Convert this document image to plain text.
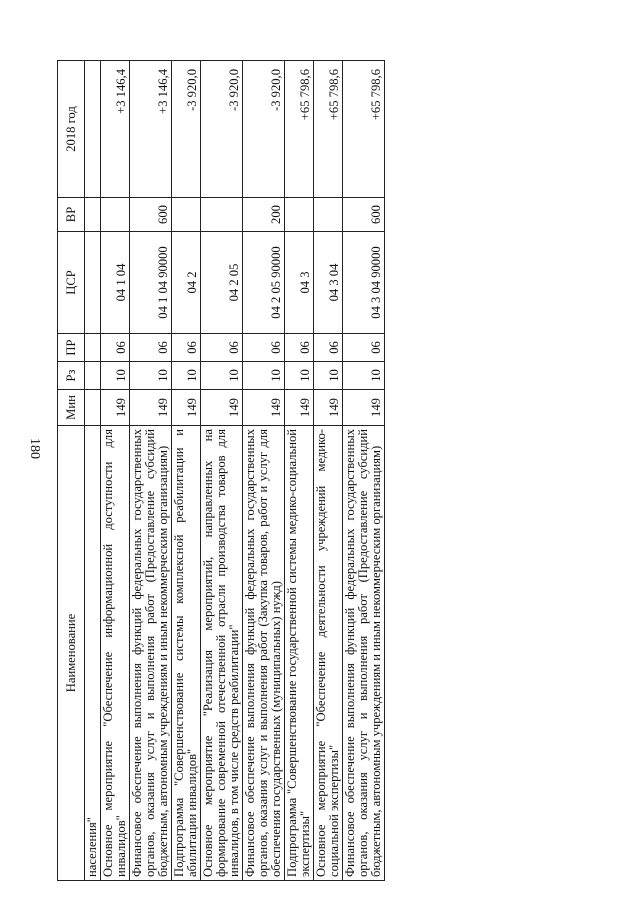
180
Наименование	Мин	Рз	ПР	ЦСР	ВР	2018 год
населения"						
Основное мероприятие "Обеспечение информационной доступности для инвалидов"	149	10	06	04 1 04		+3 146,4
Финансовое обеспечение выполнения функций федеральных государственных органов, оказания услуг и выполнения работ (Предоставление субсидий бюджетным, автономным учреждениям и иным некоммерческим организациям)	149	10	06	04 1 04 90000	600	+3 146,4
Подпрограмма "Совершенствование системы комплексной реабилитации и абилитации инвалидов"	149	10	06	04 2		-3 920,0
Основное мероприятие "Реализация мероприятий, направленных на формирование современной отечественной отрасли производства товаров для инвалидов, в том числе средств реабилитации"	149	10	06	04 2 05		-3 920,0
Финансовое обеспечение выполнения функций федеральных государственных органов, оказания услуг и выполнения работ (Закупка товаров, работ и услуг для обеспечения государственных (муниципальных) нужд)	149	10	06	04 2 05 90000	200	-3 920,0
Подпрограмма "Совершенствование государственной системы медико-социальной экспертизы"	149	10	06	04 3		+65 798,6
Основное мероприятие "Обеспечение деятельности учреждений медико-социальной экспертизы"	149	10	06	04 3 04		+65 798,6
Финансовое обеспечение выполнения функций федеральных государственных органов, оказания услуг и выполнения работ (Предоставление субсидий бюджетным, автономным учреждениям и иным некоммерческим организациям)	149	10	06	04 3 04 90000	600	+65 798,6
